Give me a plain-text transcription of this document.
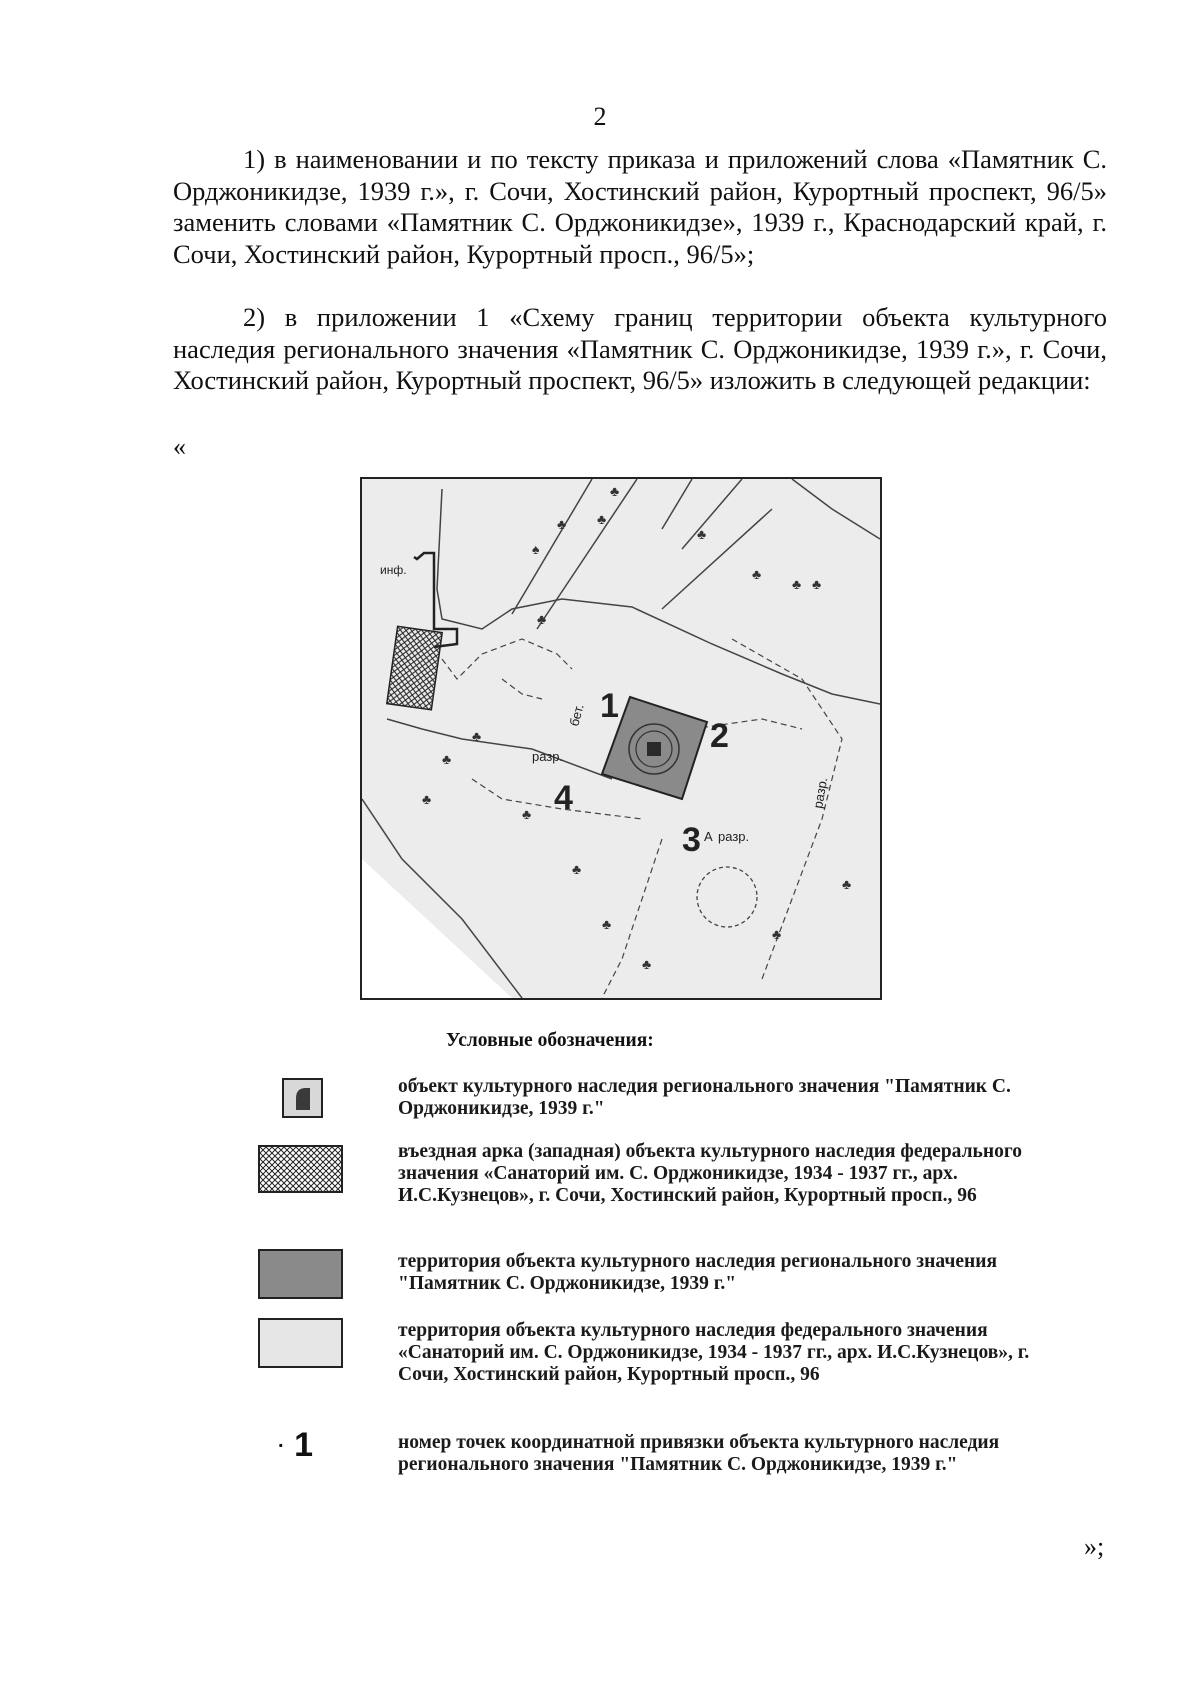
2

1) в наименовании и по тексту приказа и приложений слова «Памятник С. Орджоникидзе, 1939 г.», г. Сочи, Хостинский район, Курортный проспект, 96/5» заменить словами «Памятник С. Орджоникидзе», 1939 г., Краснодарский край, г. Сочи, Хостинский район, Курортный просп., 96/5»;

2) в приложении 1 «Схему границ территории объекта культурного наследия регионального значения «Памятник С. Орджоникидзе, 1939 г.», г. Сочи, Хостинский район, Курортный проспект, 96/5» изложить в следующей редакции:

«
♣
♣ ♣
♠
♣
♣
♣ ♣
♣
♣
♣
♣
♣
♣
♣
♣
♣
♣
инф.
бет.
разр.
разр.
разр.
А
1
2
3
4
Условные обозначения:
объект культурного наследия регионального значения "Памятник С. Орджоникидзе, 1939 г."
въездная арка (западная) объекта культурного наследия федерального значения «Санаторий им. С. Орджоникидзе, 1934 - 1937 гг., арх. И.С.Кузнецов», г. Сочи, Хостинский район, Курортный просп., 96
территория объекта культурного наследия регионального значения "Памятник С. Орджоникидзе, 1939 г."
территория объекта культурного наследия федерального значения «Санаторий им. С. Орджоникидзе, 1934 - 1937 гг., арх. И.С.Кузнецов», г. Сочи, Хостинский район, Курортный просп., 96
· 1	номер точек координатной привязки объекта культурного наследия регионального значения "Памятник С. Орджоникидзе, 1939 г."
»;
